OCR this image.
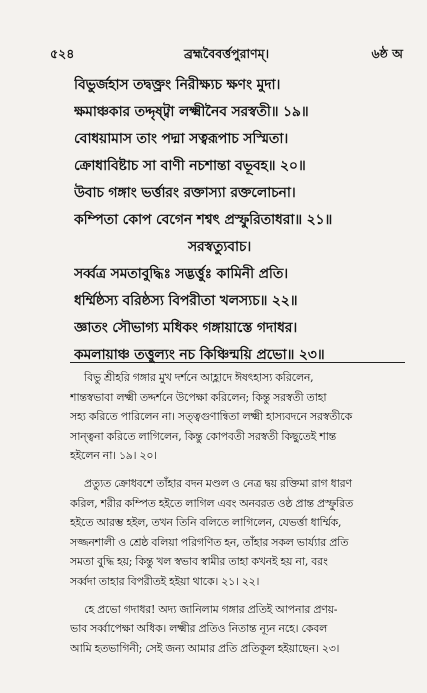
৫২৪	ব্রহ্মবৈবর্ত্তপুরাণম্।	৬ষ্ঠ অ
বিভুর্জহাস তদ্বক্ত্রং নিরীক্ষ্যচ ক্ষণং মুদা।
ক্ষমাঞ্চকার তদ্দৃষ্ট্বা লক্ষ্মীনৈব সরস্বতী॥ ১৯॥
বোধয়ামাস তাং পদ্মা সত্বরূপাচ সস্মিতা।
ক্রোধাবিষ্টাচ সা বাণী নচশান্তা বভূবহ॥ ২০॥
উবাচ গঙ্গাং ভর্ত্তারং রক্তাস্যা রক্তলোচনা।
কম্পিতা কোপ বেগেন শশ্বৎ প্রস্ফুরিতাধরা॥ ২১॥
সরস্বত্যুবাচ।
সর্ব্বত্র সমতাবুদ্ধিঃ সদ্ভর্ত্তুঃ কামিনী প্রতি।
ধর্ম্মিষ্ঠস্য বরিষ্ঠস্য বিপরীতা খলস্যচ॥ ২২॥
জ্ঞাতং সৌভাগ্য মধিকং গঙ্গায়াস্তে গদাধর।
কমলায়াঞ্চ তত্তুল্যং নচ কিঞ্চিন্ময়ি প্রভো॥ ২৩॥
বিভু শ্রীহরি গঙ্গার মুখ দর্শনে আহ্লাদে ঈষৎহাস্য করিলেন,
শান্তস্বভাবা লক্ষ্মী তদ্দর্শনে উপেক্ষা করিলেন; কিন্তু সরস্বতী তাহা
সহ্য করিতে পারিলেন না। সত্ত্বগুণান্বিতা লক্ষ্মী হাস্যবদনে সরস্বতীকে
সান্ত্বনা করিতে লাগিলেন, কিন্তু কোপবতী সরস্বতী কিছুতেই শান্ত
হইলেন না। ১৯। ২০।
প্রত্যুত ক্রোধবশে তাঁহার বদন মণ্ডল ও নেত্র দ্বয় রক্তিমা রাগ ধারণ
করিল, শরীর কম্পিত হইতে লাগিল এবং অনবরত ওষ্ঠ প্রান্ত প্রস্ফুরিত
হইতে আরম্ভ হইল, তখন তিনি বলিতে লাগিলেন, যেভর্ত্তা ধার্ম্মিক,
সজ্জনশালী ও শ্রেষ্ঠ বলিয়া পরিগণিত হন, তাঁহার সকল ভার্য্যার প্রতি
সমতা বুদ্ধি হয়; কিন্তু খল স্বভাব স্বামীর তাহা কখনই হয় না, বরং
সর্ব্বদা তাহার বিপরীতই হইয়া থাকে। ২১। ২২।
হে প্রভো গদাধর! অদ্য জানিলাম গঙ্গার প্রতিই আপনার প্রণয়-
ভাব সর্ব্বাপেক্ষা অধিক। লক্ষ্মীর প্রতিও নিতান্ত ন্যূন নহে। কেবল
আমি হতভাগিনী; সেই জন্য আমার প্রতি প্রতিকূল হইয়াছেন। ২৩।
